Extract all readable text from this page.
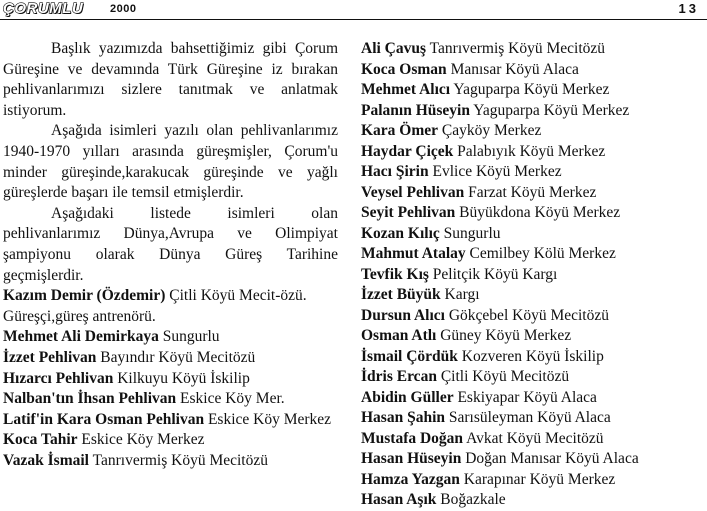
ÇORUMLU 2000	13

Başlık yazımızda bahsettiğimiz gibi Çorum Güreşine ve devamında Türk Güreşine iz bırakan pehlivanlarımızı sizlere tanıtmak ve anlatmak istiyorum.

Aşağıda isimleri yazılı olan pehlivanlarımız 1940-1970 yılları arasında güreşmişler, Çorum'u minder güreşinde,karakucak güreşinde ve yağlı güreşlerde başarı ile temsil etmişlerdir.

Aşağıdaki listede isimleri olan pehlivanlarımız Dünya,Avrupa ve Olimpiyat şampiyonu olarak Dünya Güreş Tarihine geçmişlerdir.

Kazım Demir (Özdemir) Çitli Köyü Mecit-özü. Güreşçi,güreş antrenörü.
Mehmet Ali Demirkaya Sungurlu
İzzet Pehlivan Bayındır Köyü Mecitözü
Hızarcı Pehlivan Kilkuyu Köyü İskilip
Nalban'tın İhsan Pehlivan Eskice Köy Mer.
Latif'in Kara Osman Pehlivan Eskice Köy Merkez
Koca Tahir Eskice Köy Merkez
Vazak İsmail Tanrıvermiş Köyü Mecitözü
Ali Çavuş Tanrıvermiş Köyü Mecitözü
Koca Osman Manısar Köyü Alaca
Mehmet Alıcı Yaguparpa Köyü Merkez
Palanın Hüseyin Yaguparpa Köyü Merkez
Kara Ömer Çayköy Merkez
Haydar Çiçek Palabıyık Köyü Merkez
Hacı Şirin Evlice Köyü Merkez
Veysel Pehlivan Farzat Köyü Merkez
Seyit Pehlivan Büyükdona Köyü Merkez
Kozan Kılıç Sungurlu
Mahmut Atalay Cemilbey Kölü Merkez
Tevfik Kış Pelitçik Köyü Kargı
İzzet Büyük Kargı
Dursun Alıcı Gökçebel Köyü Mecitözü
Osman Atlı Güney Köyü Merkez
İsmail Çördük Kozveren Köyü İskilip
İdris Ercan Çitli Köyü Mecitözü
Abidin Güller Eskiyapar Köyü Alaca
Hasan Şahin Sarısüleyman Köyü Alaca
Mustafa Doğan Avkat Köyü Mecitözü
Hasan Hüseyin Doğan Manısar Köyü Alaca
Hamza Yazgan Karapınar Köyü Merkez
Hasan Aşık Boğazkale
